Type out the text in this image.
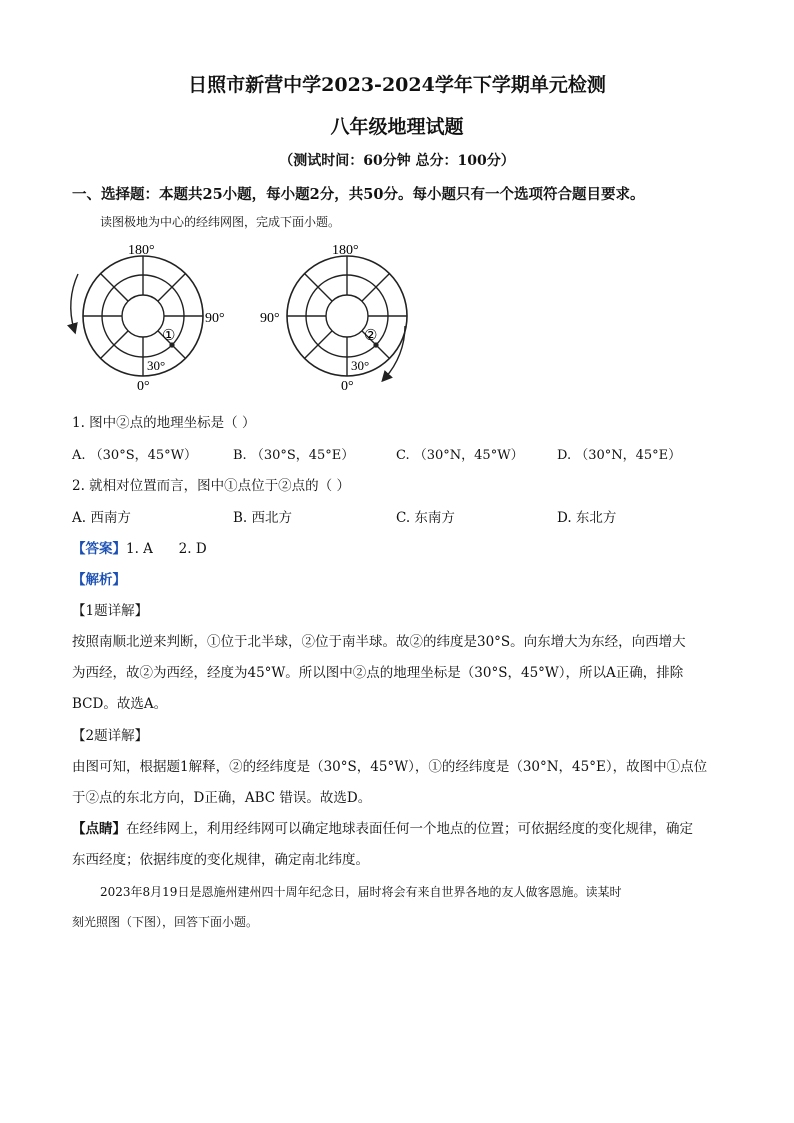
日照市新营中学2023-2024学年下学期单元检测
八年级地理试题
（测试时间：60分钟 总分：100分）
一、选择题：本题共25小题，每小题2分，共50分。每小题只有一个选项符合题目要求。
读图极地为中心的经纬网图，完成下面小题。
180°
90°
0°
30°
①
180°
90°
0°
30°
②
1. 图中②点的地理坐标是（ ）
A. （30°S，45°W）	B. （30°S，45°E）	C. （30°N，45°W）	D. （30°N，45°E）
2. 就相对位置而言，图中①点位于②点的（ ）
A. 西南方	B. 西北方	C. 东南方	D. 东北方
【答案】1. A      2. D
【解析】
【1题详解】
按照南顺北逆来判断，①位于北半球，②位于南半球。故②的纬度是30°S。向东增大为东经，向西增大
为西经，故②为西经，经度为45°W。所以图中②点的地理坐标是（30°S，45°W），所以A正确，排除
BCD。故选A。
【2题详解】
由图可知，根据题1解释，②的经纬度是（30°S，45°W），①的经纬度是（30°N，45°E），故图中①点位
于②点的东北方向，D正确，ABC 错误。故选D。
【点睛】在经纬网上，利用经纬网可以确定地球表面任何一个地点的位置；可依据经度的变化规律，确定
东西经度；依据纬度的变化规律，确定南北纬度。
2023年8月19日是恩施州建州四十周年纪念日，届时将会有来自世界各地的友人做客恩施。读某时
刻光照图（下图），回答下面小题。
